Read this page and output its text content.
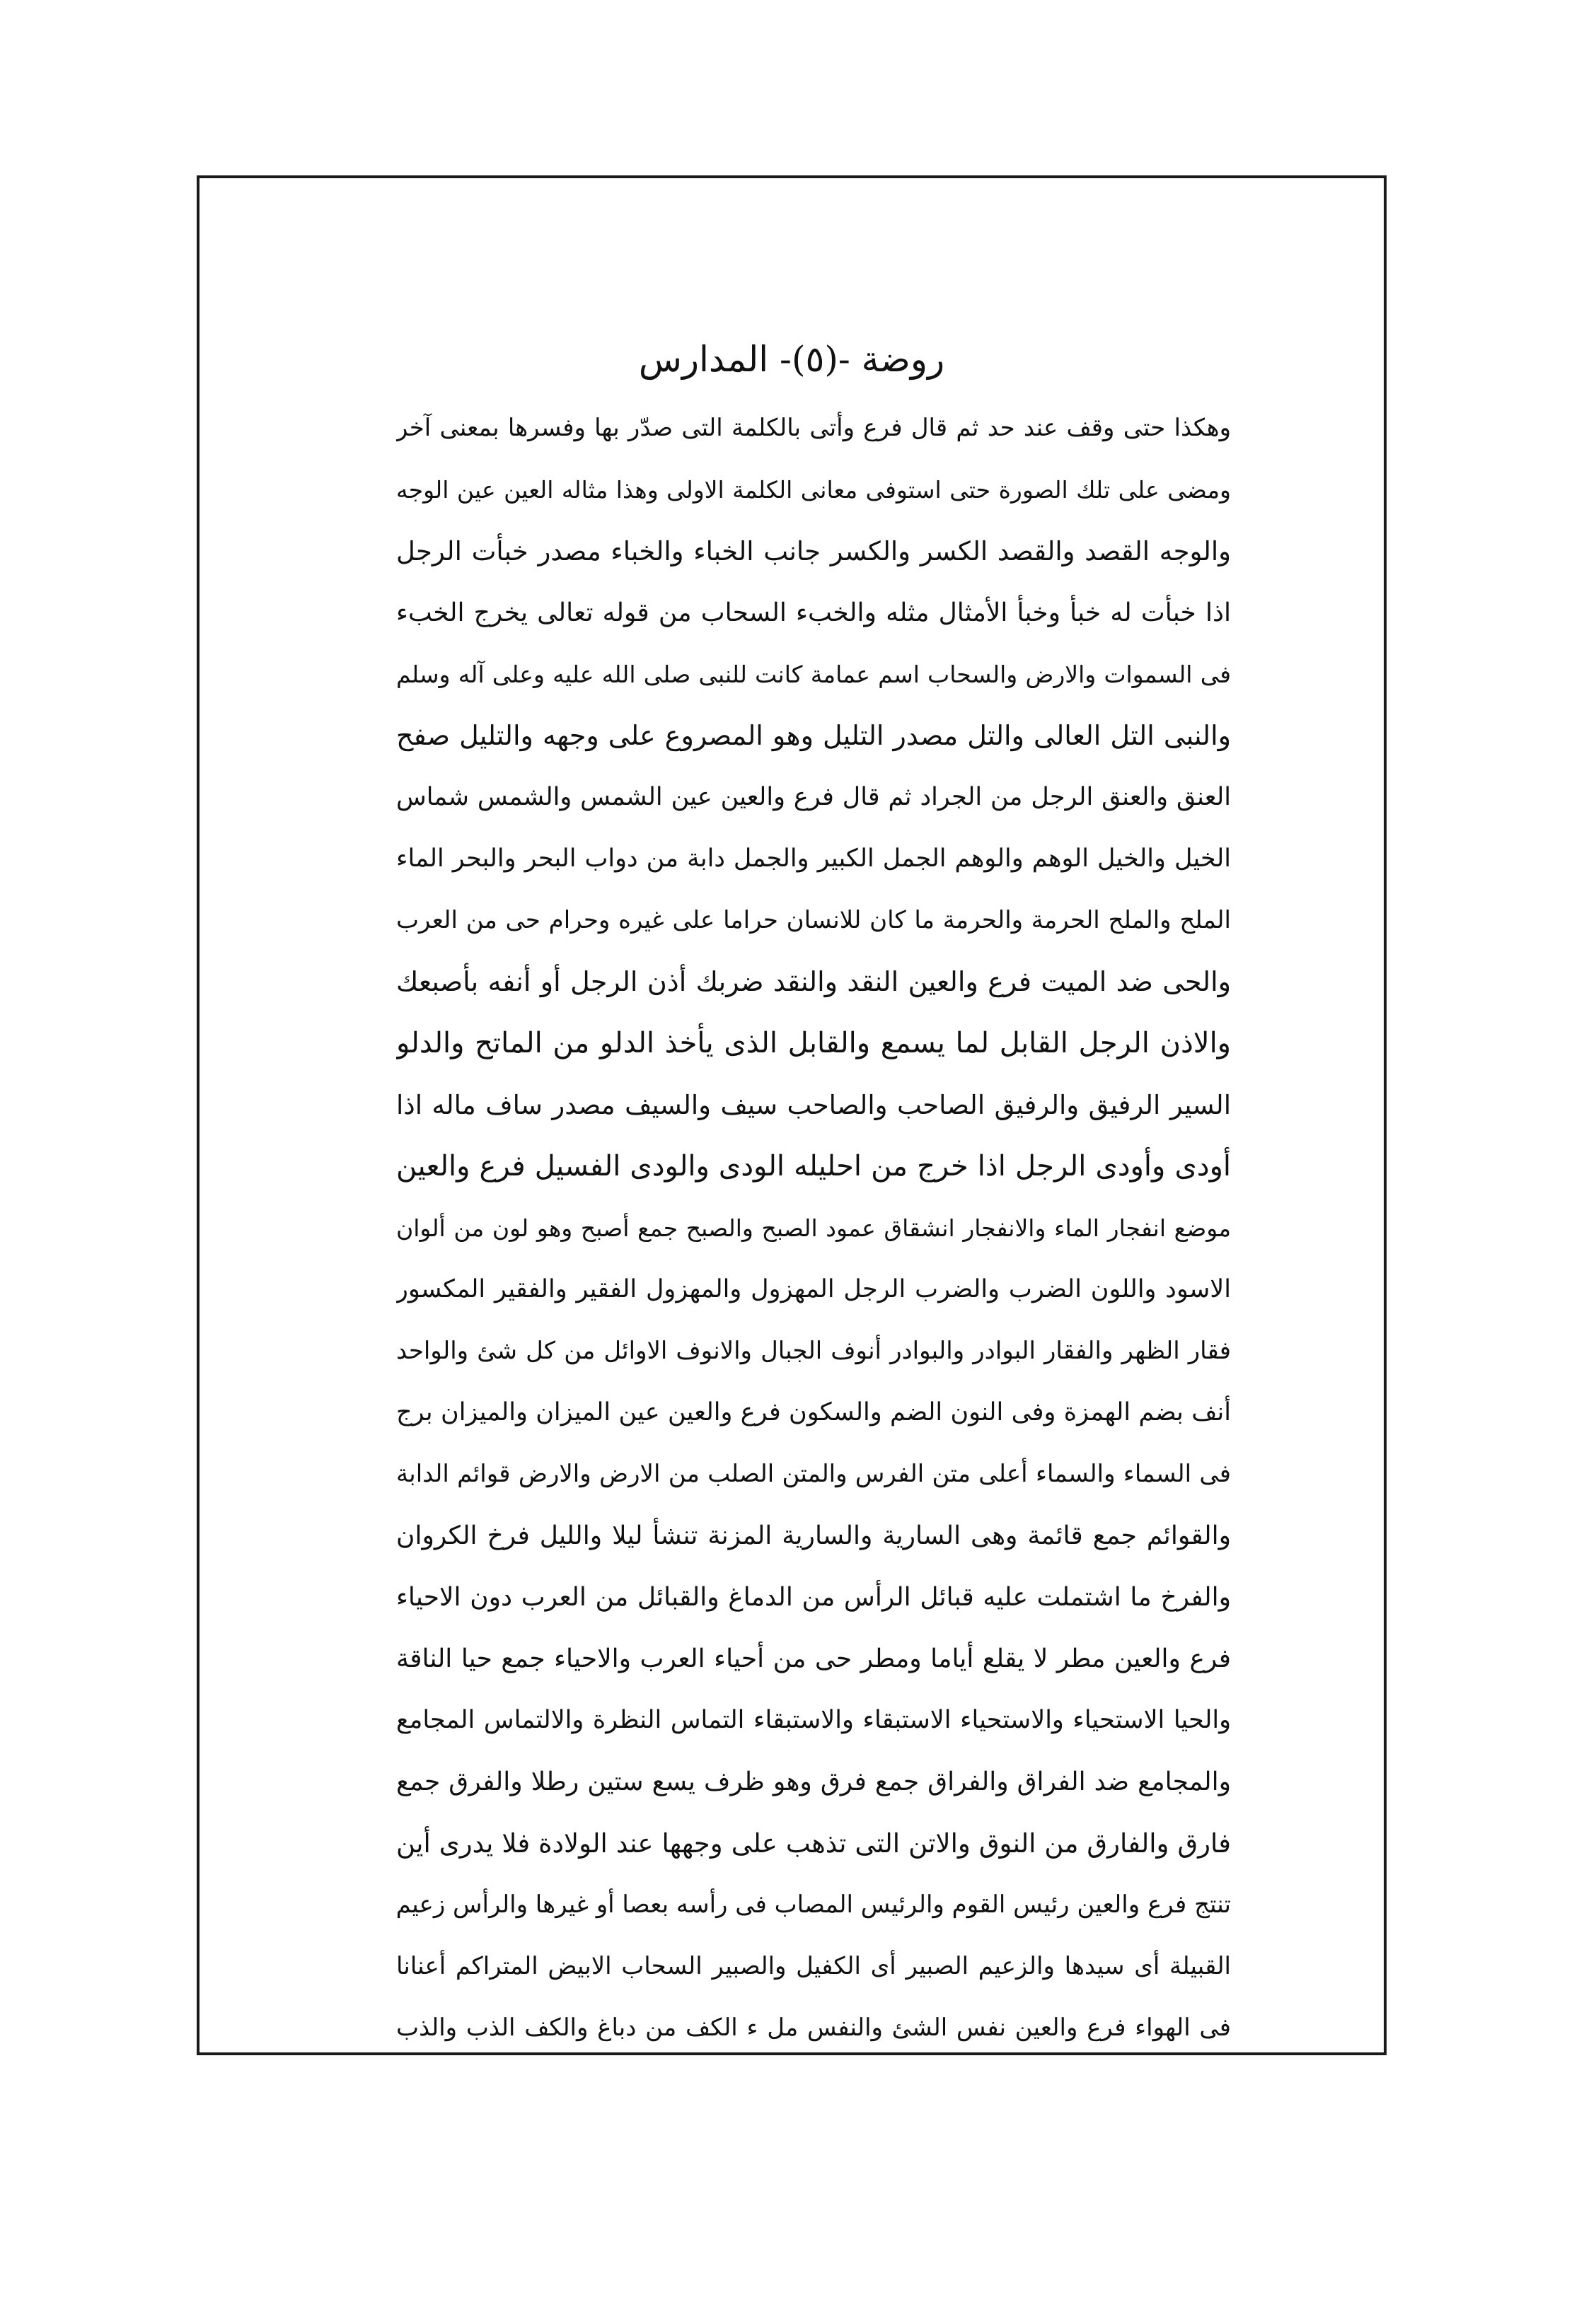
روضة -(٥)- المدارس
وهكذا حتى وقف عند حد ثم قال فرع وأتى بالكلمة التى صدّر بها وفسرها بمعنى آخر
ومضى على تلك الصورة حتى استوفى معانى الكلمة الاولى وهذا مثاله العين عين الوجه
والوجه القصد والقصد الكسر والكسر جانب الخباء والخباء مصدر خبأت الرجل
اذا خبأت له خبأ وخبأ الأمثال مثله والخبء السحاب من قوله تعالى يخرج الخبء
فى السموات والارض والسحاب اسم عمامة كانت للنبى صلى الله عليه وعلى آله وسلم
والنبى التل العالى والتل مصدر التليل وهو المصروع على وجهه والتليل صفح
العنق والعنق الرجل من الجراد ثم قال فرع والعين عين الشمس والشمس شماس
الخيل والخيل الوهم والوهم الجمل الكبير والجمل دابة من دواب البحر والبحر الماء
الملح والملح الحرمة والحرمة ما كان للانسان حراما على غيره وحرام حى من العرب
والحى ضد الميت فرع والعين النقد والنقد ضربك أذن الرجل أو أنفه بأصبعك
والاذن الرجل القابل لما يسمع والقابل الذى يأخذ الدلو من الماتح والدلو
السير الرفيق والرفيق الصاحب والصاحب سيف والسيف مصدر ساف ماله اذا
أودى وأودى الرجل اذا خرج من احليله الودى والودى الفسيل فرع والعين
موضع انفجار الماء والانفجار انشقاق عمود الصبح والصبح جمع أصبح وهو لون من ألوان
الاسود واللون الضرب والضرب الرجل المهزول والمهزول الفقير والفقير المكسور
فقار الظهر والفقار البوادر والبوادر أنوف الجبال والانوف الاوائل من كل شئ والواحد
أنف بضم الهمزة وفى النون الضم والسكون فرع والعين عين الميزان والميزان برج
فى السماء والسماء أعلى متن الفرس والمتن الصلب من الارض والارض قوائم الدابة
والقوائم جمع قائمة وهى السارية والسارية المزنة تنشأ ليلا والليل فرخ الكروان
والفرخ ما اشتملت عليه قبائل الرأس من الدماغ والقبائل من العرب دون الاحياء
فرع والعين مطر لا يقلع أياما ومطر حى من أحياء العرب والاحياء جمع حيا الناقة
والحيا الاستحياء والاستحياء الاستبقاء والاستبقاء التماس النظرة والالتماس المجامع
والمجامع ضد الفراق والفراق جمع فرق وهو ظرف يسع ستين رطلا والفرق جمع
فارق والفارق من النوق والاتن التى تذهب على وجهها عند الولادة فلا يدرى أين
تنتج فرع والعين رئيس القوم والرئيس المصاب فى رأسه بعصا أو غيرها والرأس زعيم
القبيلة أى سيدها والزعيم الصبير أى الكفيل والصبير السحاب الابيض المتراكم أعنانا
فى الهواء فرع والعين نفس الشئ والنفس مل ء الكف من دباغ والكف الذب والذب
